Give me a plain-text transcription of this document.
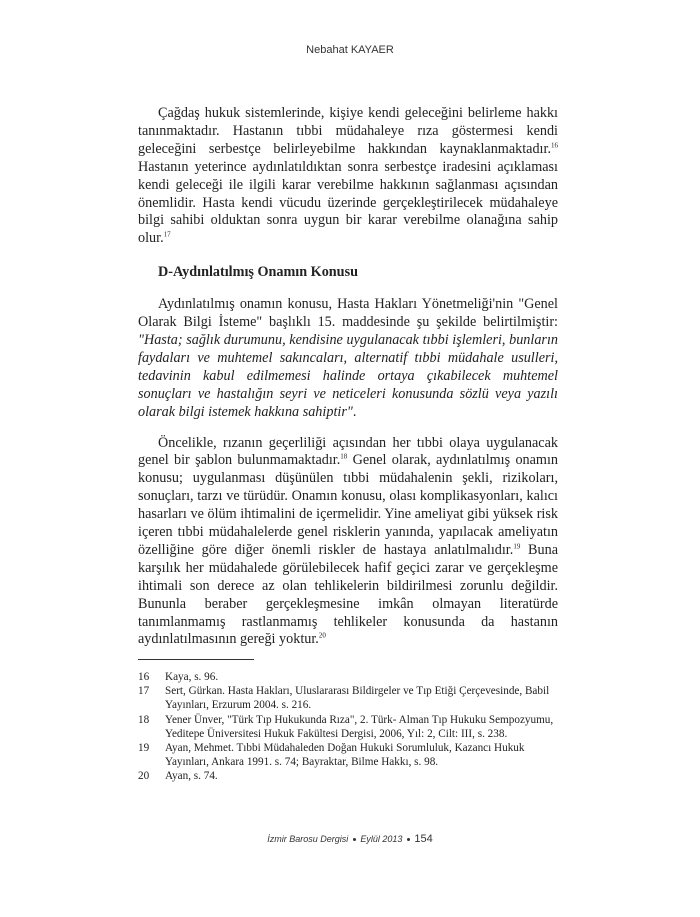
Nebahat KAYAER

Çağdaş hukuk sistemlerinde, kişiye kendi geleceğini belirleme hakkı tanınmaktadır. Hastanın tıbbi müdahaleye rıza göstermesi kendi geleceğini serbestçe belirleyebilme hakkından kaynaklanmaktadır.$^{16}$ Hastanın yeterince aydınlatıldıktan sonra serbestçe iradesini açıklaması kendi geleceği ile ilgili karar verebilme hakkının sağlanması açısından önemlidir. Hasta kendi vücudu üzerinde gerçekleştirilecek müdahaleye bilgi sahibi olduktan sonra uygun bir karar verebilme olanağına sahip olur.$^{17}$

D-Aydınlatılmış Onamın Konusu

Aydınlatılmış onamın konusu, Hasta Hakları Yönetmeliği'nin "Genel Olarak Bilgi İsteme" başlıklı 15. maddesinde şu şekilde belirtilmiştir: "Hasta; sağlık durumunu, kendisine uygulanacak tıbbi işlemleri, bunların faydaları ve muhtemel sakıncaları, alternatif tıbbi müdahale usulleri, tedavinin kabul edilmemesi halinde ortaya çıkabilecek muhtemel sonuçları ve hastalığın seyri ve neticeleri konusunda sözlü veya yazılı olarak bilgi istemek hakkına sahiptir".

Öncelikle, rızanın geçerliliği açısından her tıbbi olaya uygulanacak genel bir şablon bulunmamaktadır.$^{18}$ Genel olarak, aydınlatılmış onamın konusu; uygulanması düşünülen tıbbi müdahalenin şekli, rizikoları, sonuçları, tarzı ve türüdür. Onamın konusu, olası komplikasyonları, kalıcı hasarları ve ölüm ihtimalini de içermelidir. Yine ameliyat gibi yüksek risk içeren tıbbi müdahalelerde genel risklerin yanında, yapılacak ameliyatın özelliğine göre diğer önemli riskler de hastaya anlatılmalıdır.$^{19}$ Buna karşılık her müdahalede görülebilecek hafif geçici zarar ve gerçekleşme ihtimali son derece az olan tehlikelerin bildirilmesi zorunlu değildir. Bununla beraber gerçekleşmesine imkân olmayan literatürde tanımlanmamış rastlanmamış tehlikeler konusunda da hastanın aydınlatılmasının gereği yoktur.$^{20}$

16 Kaya, s. 96.
17 Sert, Gürkan. Hasta Hakları, Uluslararası Bildirgeler ve Tıp Etiği Çerçevesinde, Babil Yayınları, Erzurum 2004. s. 216.
18 Yener Ünver, "Türk Tıp Hukukunda Rıza", 2. Türk- Alman Tıp Hukuku Sempozyumu, Yeditepe Üniversitesi Hukuk Fakültesi Dergisi, 2006, Yıl: 2, Cilt: III, s. 238.
19 Ayan, Mehmet. Tıbbi Müdahaleden Doğan Hukuki Sorumluluk, Kazancı Hukuk Yayınları, Ankara 1991. s. 74; Bayraktar, Bilme Hakkı, s. 98.
20 Ayan, s. 74.
İzmir Barosu Dergisi Eylül 2013 154
